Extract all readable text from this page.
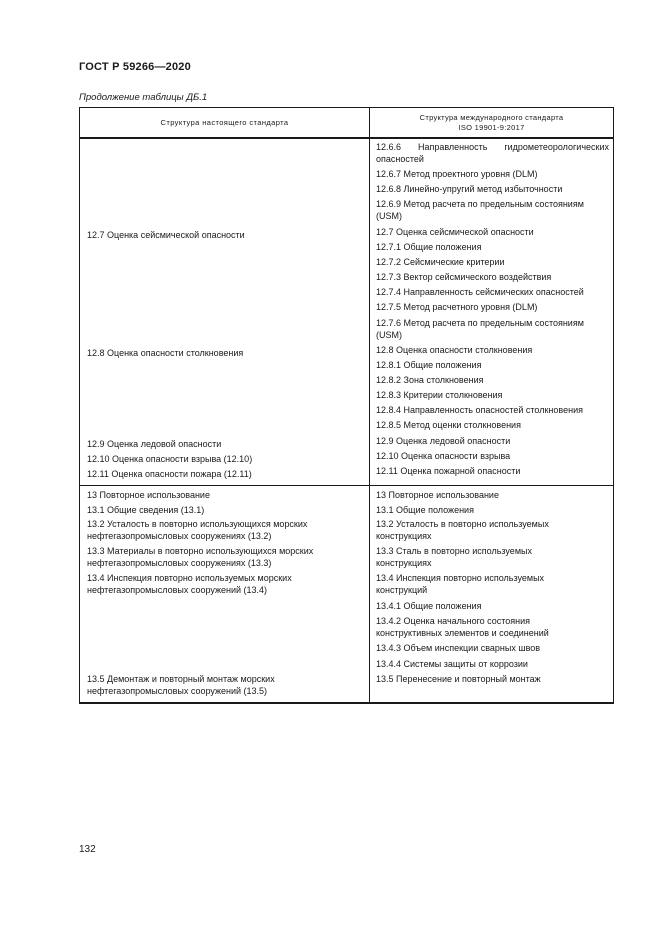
ГОСТ Р 59266—2020
Продолжение таблицы ДБ.1
Структура настоящего стандарта
Структура международного стандарта
ISO 19901-9:2017
12.7 Оценка сейсмической опасности
12.8 Оценка опасности столкновения
12.9 Оценка ледовой опасности
12.10 Оценка опасности взрыва (12.10)
12.11 Оценка опасности пожара (12.11)
13 Повторное использование
13.1 Общие сведения (13.1)
13.2 Усталость в повторно использующихся морских
нефтегазопромысловых сооружениях (13.2)
13.3 Материалы в повторно использующихся морских
нефтегазопромысловых сооружениях (13.3)
13.4 Инспекция повторно используемых морских
нефтегазопромысловых сооружений (13.4)
13.5 Демонтаж и повторный монтаж морских
нефтегазопромысловых сооружений (13.5)
12.6.6 Направленность гидрометеорологических
опасностей
12.6.7 Метод проектного уровня (DLM)
12.6.8 Линейно-упругий метод избыточности
12.6.9 Метод расчета по предельным состояниям
(USM)
12.7 Оценка сейсмической опасности
12.7.1 Общие положения
12.7.2 Сейсмические критерии
12.7.3 Вектор сейсмического воздействия
12.7.4 Направленность сейсмических опасностей
12.7.5 Метод расчетного уровня (DLM)
12.7.6 Метод расчета по предельным состояниям
(USM)
12.8 Оценка опасности столкновения
12.8.1 Общие положения
12.8.2 Зона столкновения
12.8.3 Критерии столкновения
12.8.4 Направленность опасностей столкновения
12.8.5 Метод оценки столкновения
12.9 Оценка ледовой опасности
12.10 Оценка опасности взрыва
12.11 Оценка пожарной опасности
13 Повторное использование
13.1 Общие положения
13.2 Усталость в повторно используемых
конструкциях
13.3 Сталь в повторно используемых
конструкциях
13.4 Инспекция повторно используемых
конструкций
13.4.1 Общие положения
13.4.2 Оценка начального состояния
конструктивных элементов и соединений
13.4.3 Объем инспекции сварных швов
13.4.4 Системы защиты от коррозии
13.5 Перенесение и повторный монтаж
132
